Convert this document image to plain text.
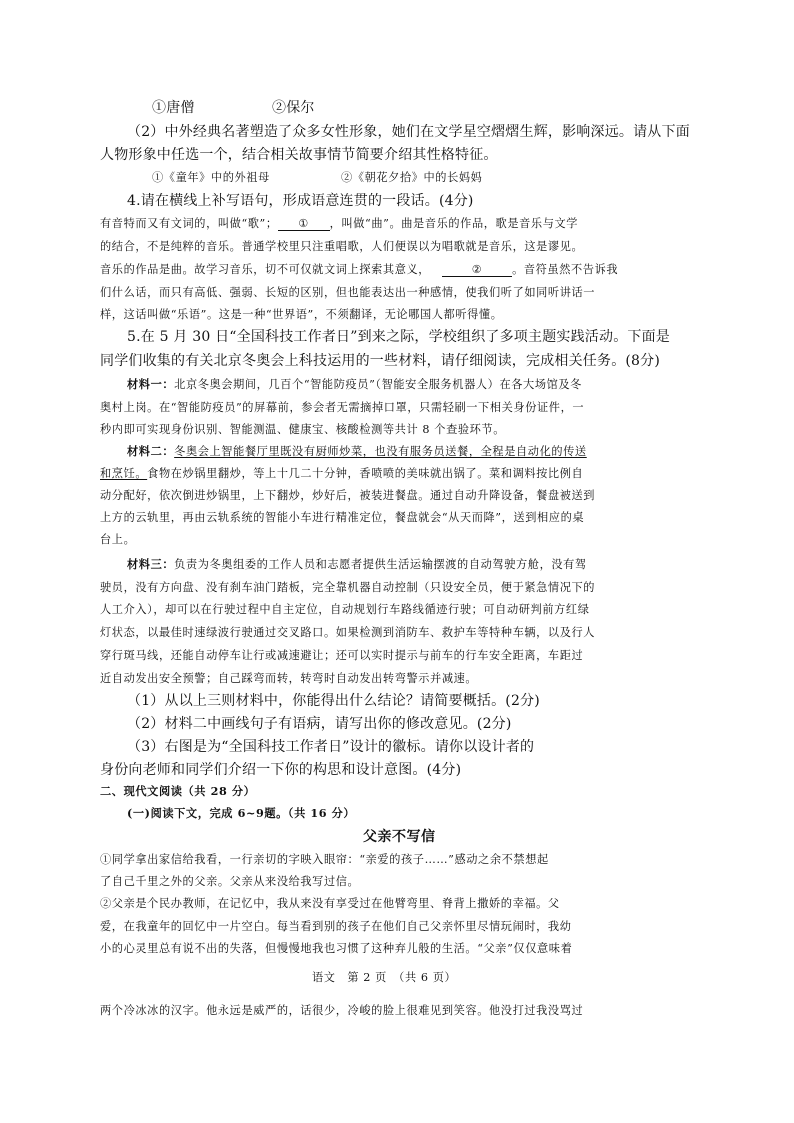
①唐僧	②保尔
（2）中外经典名著塑造了众多女性形象，她们在文学星空熠熠生辉，影响深远。请从下面
人物形象中任选一个，结合相关故事情节简要介绍其性格特征。
①《童年》中的外祖母	②《朝花夕拾》中的长妈妈
4.请在横线上补写语句，形成语意连贯的一段话。(4分)
有音特而又有文词的，叫做“歌”； ① ，叫做“曲”。曲是音乐的作品，歌是音乐与文学
的结合，不是纯粹的音乐。普通学校里只注重唱歌，人们便误以为唱歌就是音乐，这是谬见。
音乐的作品是曲。故学习音乐，切不可仅就文词上探索其意义，	②	。音符虽然不告诉我
们什么话，而只有高低、强弱、长短的区别，但也能表达出一种感情，使我们听了如同听讲话一
样，这话叫做“乐语”。这是一种“世界语”，不须翻译，无论哪国人都听得懂。
5.在 5 月 30 日“全国科技工作者日”到来之际，学校组织了多项主题实践活动。下面是
同学们收集的有关北京冬奥会上科技运用的一些材料，请仔细阅读，完成相关任务。(8分)
材料一：北京冬奥会期间，几百个“智能防疫员”（智能安全服务机器人）在各大场馆及冬
奥村上岗。在“智能防疫员”的屏幕前，参会者无需摘掉口罩，只需轻刷一下相关身份证件，一
秒内即可实现身份识别、智能测温、健康宝、核酸检测等共计 8 个查验环节。
材料二：冬奥会上智能餐厅里既没有厨师炒菜，也没有服务员送餐，全程是自动化的传送
和烹饪。食物在炒锅里翻炒，等上十几二十分钟，香喷喷的美味就出锅了。菜和调料按比例自
动分配好，依次倒进炒锅里，上下翻炒，炒好后，被装进餐盘。通过自动升降设备，餐盘被送到
上方的云轨里，再由云轨系统的智能小车进行精准定位，餐盘就会“从天而降”，送到相应的桌
台上。
材料三：负责为冬奥组委的工作人员和志愿者提供生活运输摆渡的自动驾驶方舱，没有驾
驶员，没有方向盘、没有刹车油门踏板，完全靠机器自动控制（只设安全员，便于紧急情况下的
人工介入），却可以在行驶过程中自主定位，自动规划行车路线循迹行驶；可自动研判前方红绿
灯状态，以最佳时速绿波行驶通过交叉路口。如果检测到消防车、救护车等特种车辆，以及行人
穿行斑马线，还能自动停车让行或减速避让；还可以实时提示与前车的行车安全距离，车距过
近自动发出安全预警；自己踩弯而转，转弯时自动发出转弯警示并减速。
（1）从以上三则材料中，你能得出什么结论？请简要概括。(2分)
（2）材料二中画线句子有语病，请写出你的修改意见。(2分)
（3）右图是为“全国科技工作者日”设计的徽标。请你以设计者的
身份向老师和同学们介绍一下你的构思和设计意图。(4分)
二、现代文阅读（共 28 分）
(一)阅读下文，完成 6~9题。（共 16 分）
父亲不写信
①同学拿出家信给我看，一行亲切的字映入眼帘：“亲爱的孩子……”感动之余不禁想起
了自己千里之外的父亲。父亲从来没给我写过信。
②父亲是个民办教师，在记忆中，我从来没有享受过在他臂弯里、脊背上撒娇的幸福。父
爱，在我童年的回忆中一片空白。每当看到别的孩子在他们自己父亲怀里尽情玩闹时，我幼
小的心灵里总有说不出的失落，但慢慢地我也习惯了这种弃儿般的生活。“父亲”仅仅意味着
语文　第 2 页　（共 6 页）
两个冷冰冰的汉字。他永远是威严的，话很少，冷峻的脸上很难见到笑容。他没打过我没骂过
